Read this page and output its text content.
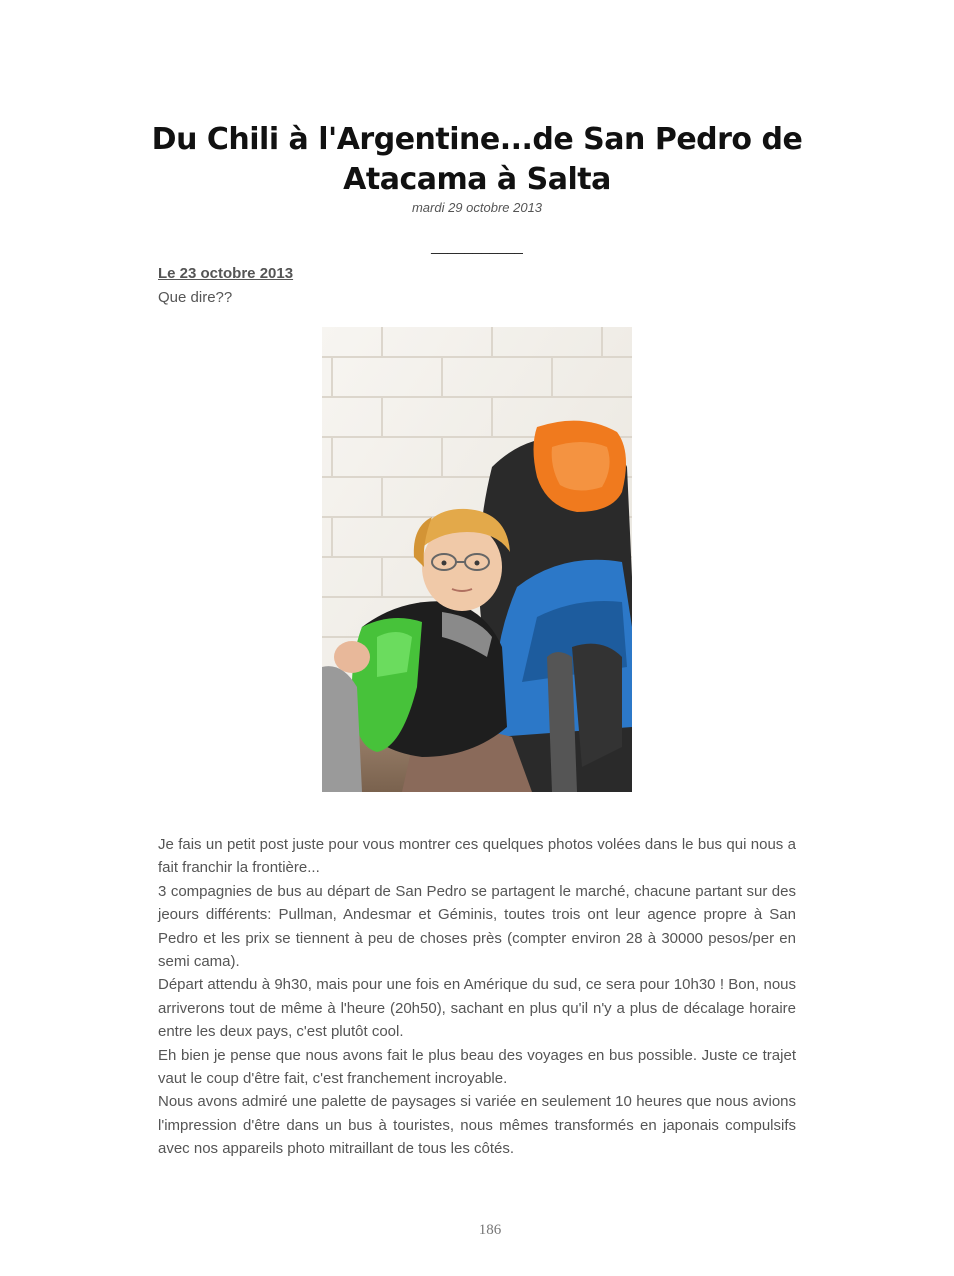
Du Chili à l'Argentine...de San Pedro de Atacama à Salta
mardi 29 octobre 2013
___________
Le 23 octobre 2013
Que dire??

Je fais un petit post juste pour vous montrer ces quelques photos volées dans le bus qui nous a fait franchir la frontière...

3 compagnies de bus au départ de San Pedro se partagent le marché, chacune partant sur des jeours différents: Pullman, Andesmar et Géminis, toutes trois ont leur agence propre à San Pedro et les prix se tiennent à peu de choses près (compter environ 28 à 30000 pesos/per en semi cama).

Départ attendu à 9h30, mais pour une fois en Amérique du sud, ce sera pour 10h30 ! Bon, nous arriverons tout de même à l'heure (20h50), sachant en plus qu'il n'y a plus de décalage horaire entre les deux pays, c'est plutôt cool.

Eh bien je pense que nous avons fait le plus beau des voyages en bus possible. Juste ce trajet vaut le coup d'être fait, c'est franchement incroyable.

Nous avons admiré une palette de paysages si variée en seulement 10 heures que nous avions l'impression d'être dans un bus à touristes, nous mêmes transformés en japonais compulsifs avec nos appareils photo mitraillant de tous les côtés.

186
